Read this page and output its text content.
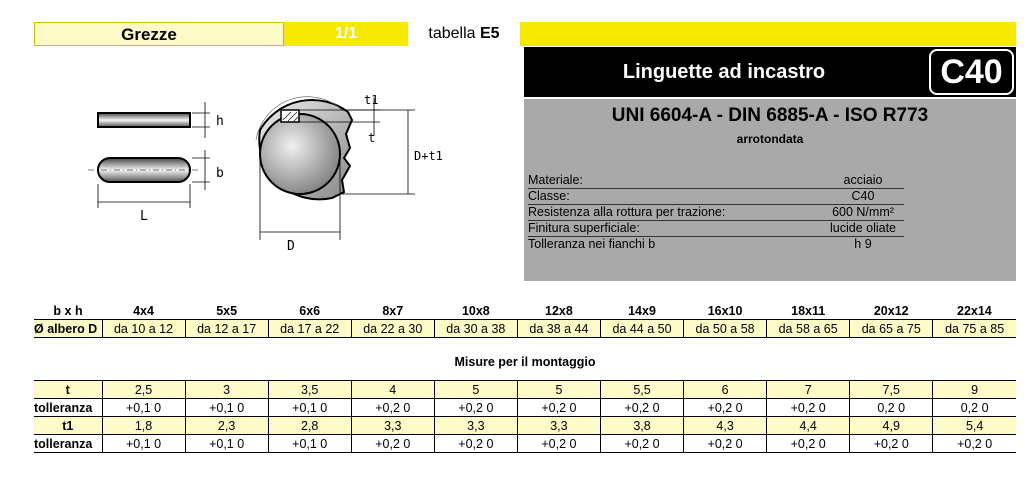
Grezze	1/1	tabella E5
Linguette ad incastro	C40
UNI 6604-A - DIN 6885-A - ISO R773
arrotondata
Materiale:	acciaio
Classe:	C40
Resistenza alla rottura per trazione:	600 N/mm²
Finitura superficiale:	lucide oliate
Tolleranza nei fianchi b	h 9
h
b
L
t1
t
D+t1
D
b x h	4x4	5x5	6x6	8x7	10x8	12x8	14x9	16x10	18x11	20x12	22x14
Ø albero D	da 10 a 12	da 12 a 17	da 17 a 22	da 22 a 30	da 30 a 38	da 38 a 44	da 44 a 50	da 50 a 58	da 58 a 65	da 65 a 75	da 75 a 85

Misure per il montaggio											

t	2,5	3	3,5	4	5	5	5,5	6	7	7,5	9
tolleranza	+0,1 0	+0,1 0	+0,1 0	+0,2 0	+0,2 0	+0,2 0	+0,2 0	+0,2 0	+0,2 0	0,2 0	0,2 0
t1	1,8	2,3	2,8	3,3	3,3	3,3	3,8	4,3	4,4	4,9	5,4
tolleranza	+0,1 0	+0,1 0	+0,1 0	+0,2 0	+0,2 0	+0,2 0	+0,2 0	+0,2 0	+0,2 0	+0,2 0	+0,2 0
